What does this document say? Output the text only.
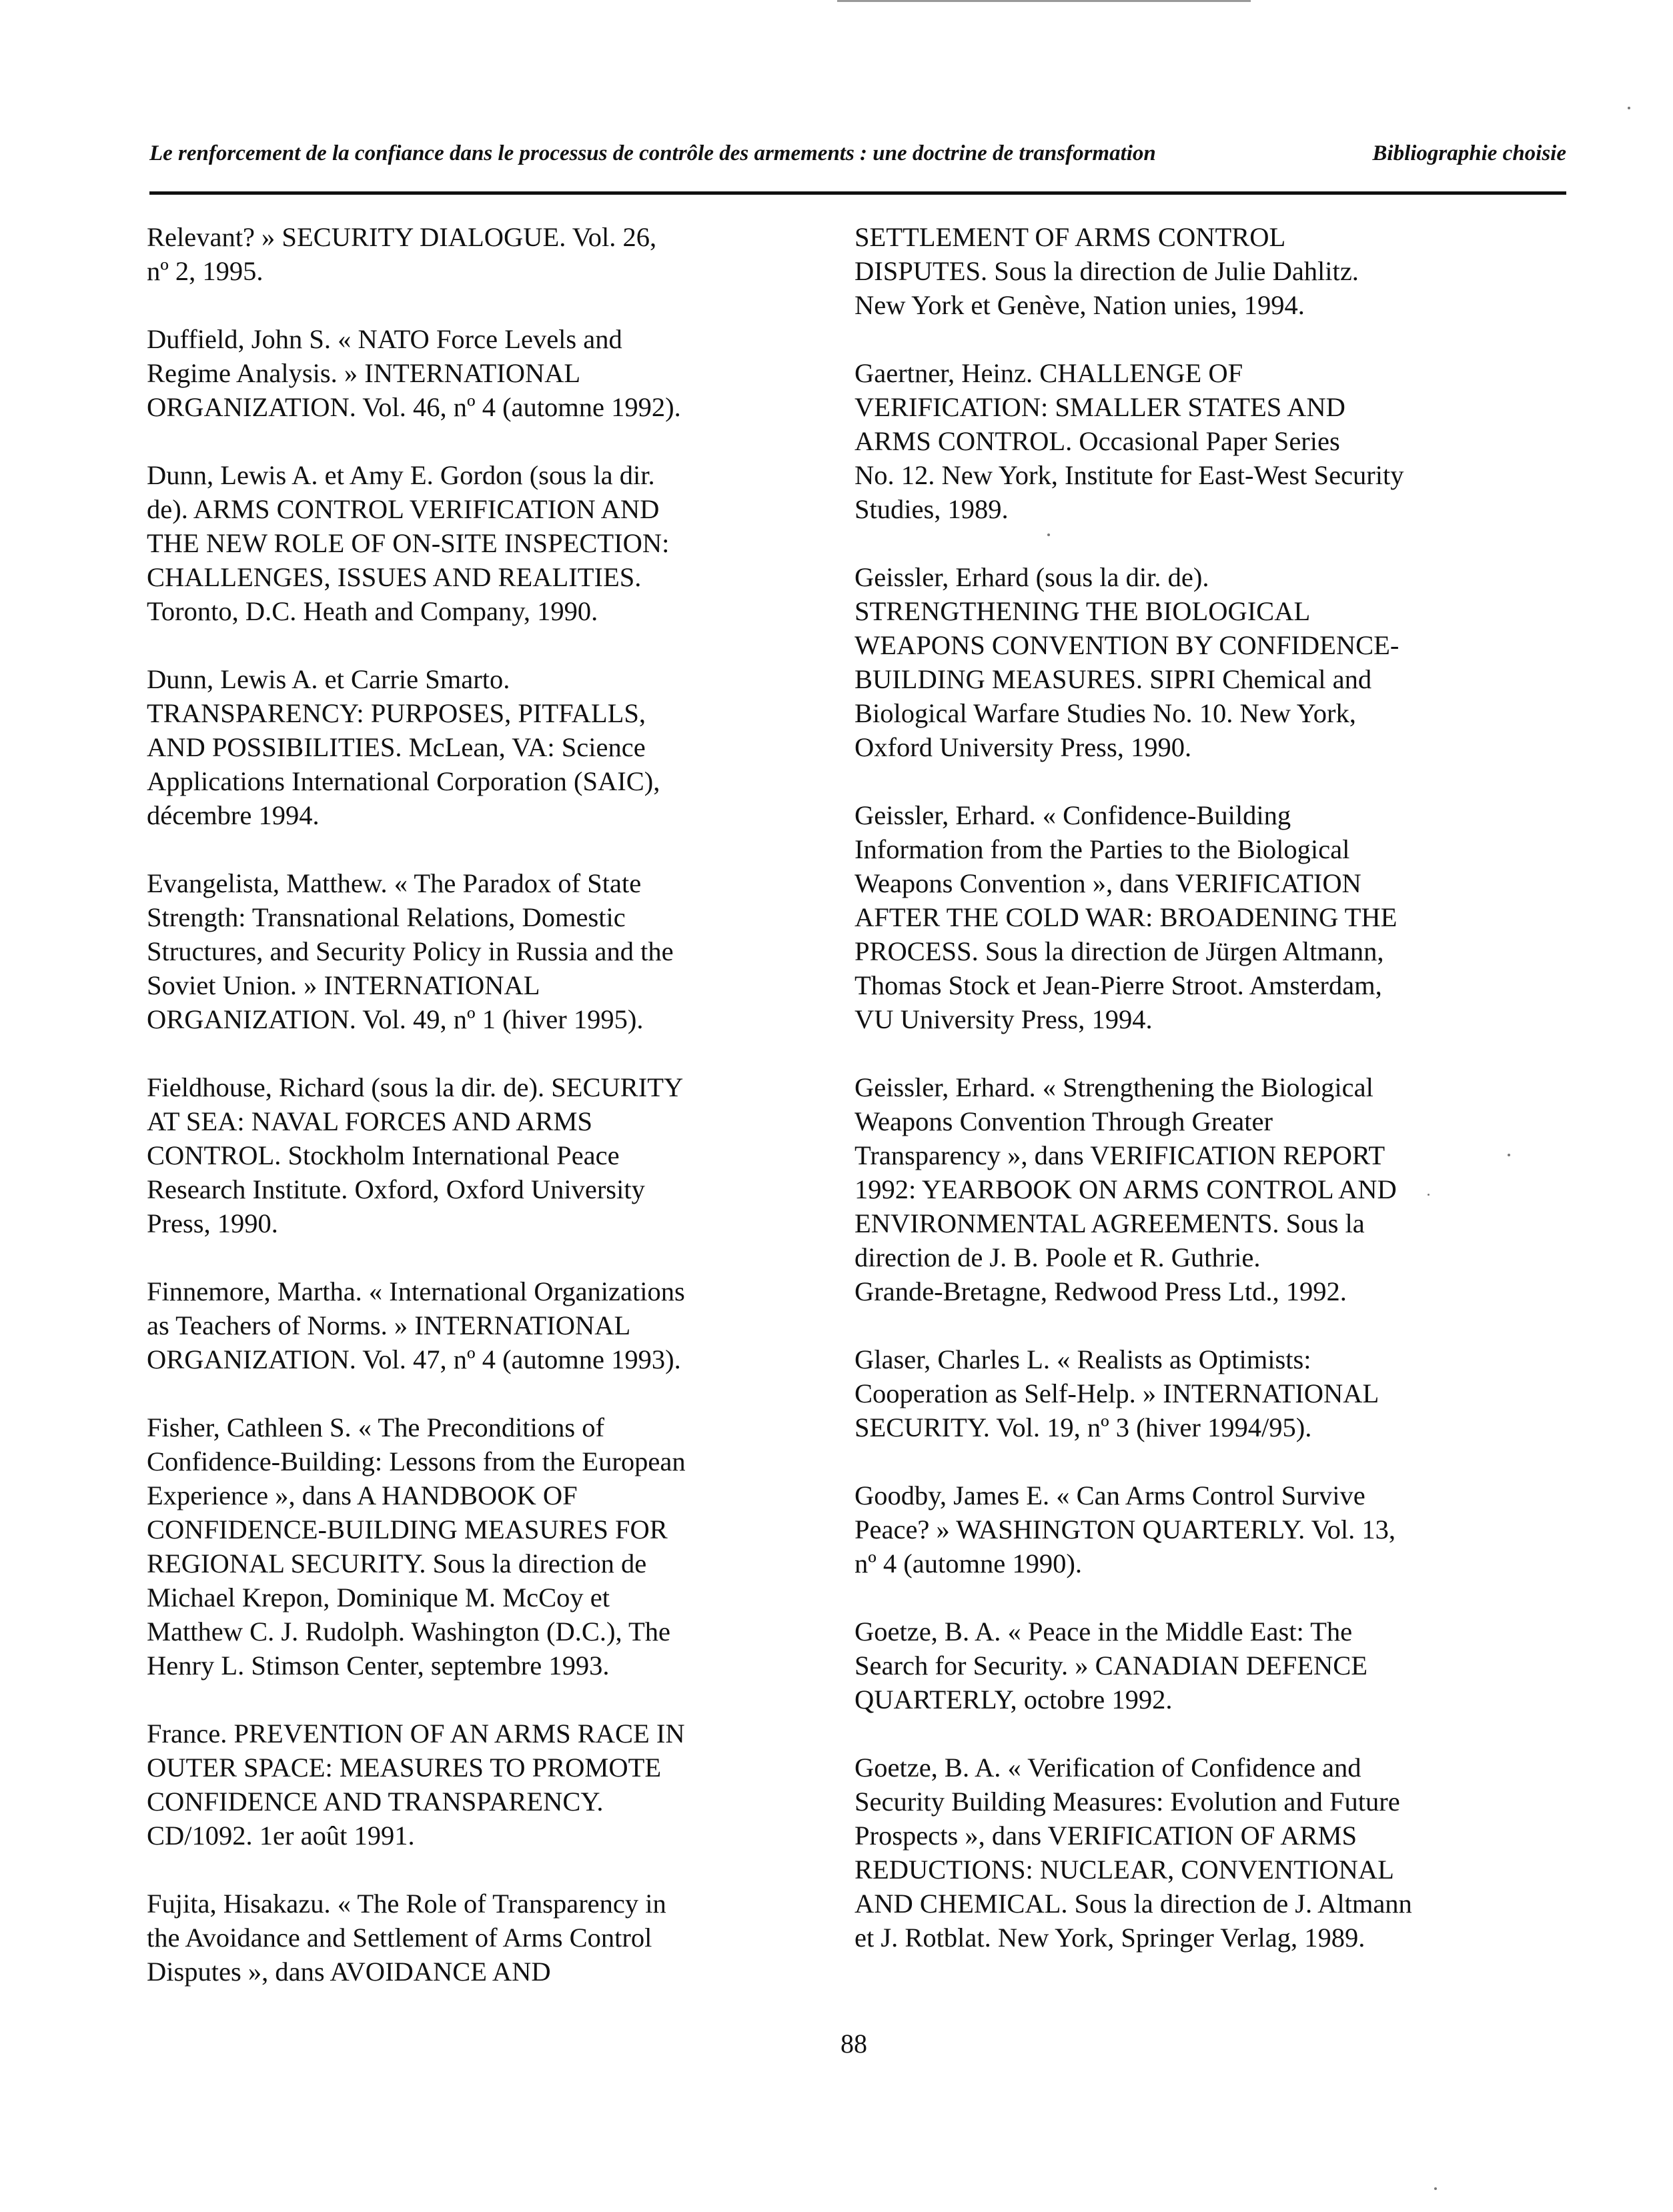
Le renforcement de la confiance dans le processus de contrôle des armements : une doctrine de transformation	Bibliographie choisie

Relevant? » SECURITY DIALOGUE. Vol. 26,
nº 2, 1995.

Duffield, John S. « NATO Force Levels and
Regime Analysis. » INTERNATIONAL
ORGANIZATION. Vol. 46, nº 4 (automne 1992).

Dunn, Lewis A. et Amy E. Gordon (sous la dir.
de). ARMS CONTROL VERIFICATION AND
THE NEW ROLE OF ON-SITE INSPECTION:
CHALLENGES, ISSUES AND REALITIES.
Toronto, D.C. Heath and Company, 1990.

Dunn, Lewis A. et Carrie Smarto.
TRANSPARENCY: PURPOSES, PITFALLS,
AND POSSIBILITIES. McLean, VA: Science
Applications International Corporation (SAIC),
décembre 1994.

Evangelista, Matthew. « The Paradox of State
Strength: Transnational Relations, Domestic
Structures, and Security Policy in Russia and the
Soviet Union. » INTERNATIONAL
ORGANIZATION. Vol. 49, nº 1 (hiver 1995).

Fieldhouse, Richard (sous la dir. de). SECURITY
AT SEA: NAVAL FORCES AND ARMS
CONTROL. Stockholm International Peace
Research Institute. Oxford, Oxford University
Press, 1990.

Finnemore, Martha. « International Organizations
as Teachers of Norms. » INTERNATIONAL
ORGANIZATION. Vol. 47, nº 4 (automne 1993).

Fisher, Cathleen S. « The Preconditions of
Confidence-Building: Lessons from the European
Experience », dans A HANDBOOK OF
CONFIDENCE-BUILDING MEASURES FOR
REGIONAL SECURITY. Sous la direction de
Michael Krepon, Dominique M. McCoy et
Matthew C. J. Rudolph. Washington (D.C.), The
Henry L. Stimson Center, septembre 1993.

France. PREVENTION OF AN ARMS RACE IN
OUTER SPACE: MEASURES TO PROMOTE
CONFIDENCE AND TRANSPARENCY.
CD/1092. 1er août 1991.

Fujita, Hisakazu. « The Role of Transparency in
the Avoidance and Settlement of Arms Control
Disputes », dans AVOIDANCE AND

SETTLEMENT OF ARMS CONTROL
DISPUTES. Sous la direction de Julie Dahlitz.
New York et Genève, Nation unies, 1994.

Gaertner, Heinz. CHALLENGE OF
VERIFICATION: SMALLER STATES AND
ARMS CONTROL. Occasional Paper Series
No. 12. New York, Institute for East-West Security
Studies, 1989.

Geissler, Erhard (sous la dir. de).
STRENGTHENING THE BIOLOGICAL
WEAPONS CONVENTION BY CONFIDENCE-
BUILDING MEASURES. SIPRI Chemical and
Biological Warfare Studies No. 10. New York,
Oxford University Press, 1990.

Geissler, Erhard. « Confidence-Building
Information from the Parties to the Biological
Weapons Convention », dans VERIFICATION
AFTER THE COLD WAR: BROADENING THE
PROCESS. Sous la direction de Jürgen Altmann,
Thomas Stock et Jean-Pierre Stroot. Amsterdam,
VU University Press, 1994.

Geissler, Erhard. « Strengthening the Biological
Weapons Convention Through Greater
Transparency », dans VERIFICATION REPORT
1992: YEARBOOK ON ARMS CONTROL AND
ENVIRONMENTAL AGREEMENTS. Sous la
direction de J. B. Poole et R. Guthrie.
Grande-Bretagne, Redwood Press Ltd., 1992.

Glaser, Charles L. « Realists as Optimists:
Cooperation as Self-Help. » INTERNATIONAL
SECURITY. Vol. 19, nº 3 (hiver 1994/95).

Goodby, James E. « Can Arms Control Survive
Peace? » WASHINGTON QUARTERLY. Vol. 13,
nº 4 (automne 1990).

Goetze, B. A. « Peace in the Middle East: The
Search for Security. » CANADIAN DEFENCE
QUARTERLY, octobre 1992.

Goetze, B. A. « Verification of Confidence and
Security Building Measures: Evolution and Future
Prospects », dans VERIFICATION OF ARMS
REDUCTIONS: NUCLEAR, CONVENTIONAL
AND CHEMICAL. Sous la direction de J. Altmann
et J. Rotblat. New York, Springer Verlag, 1989.

88
